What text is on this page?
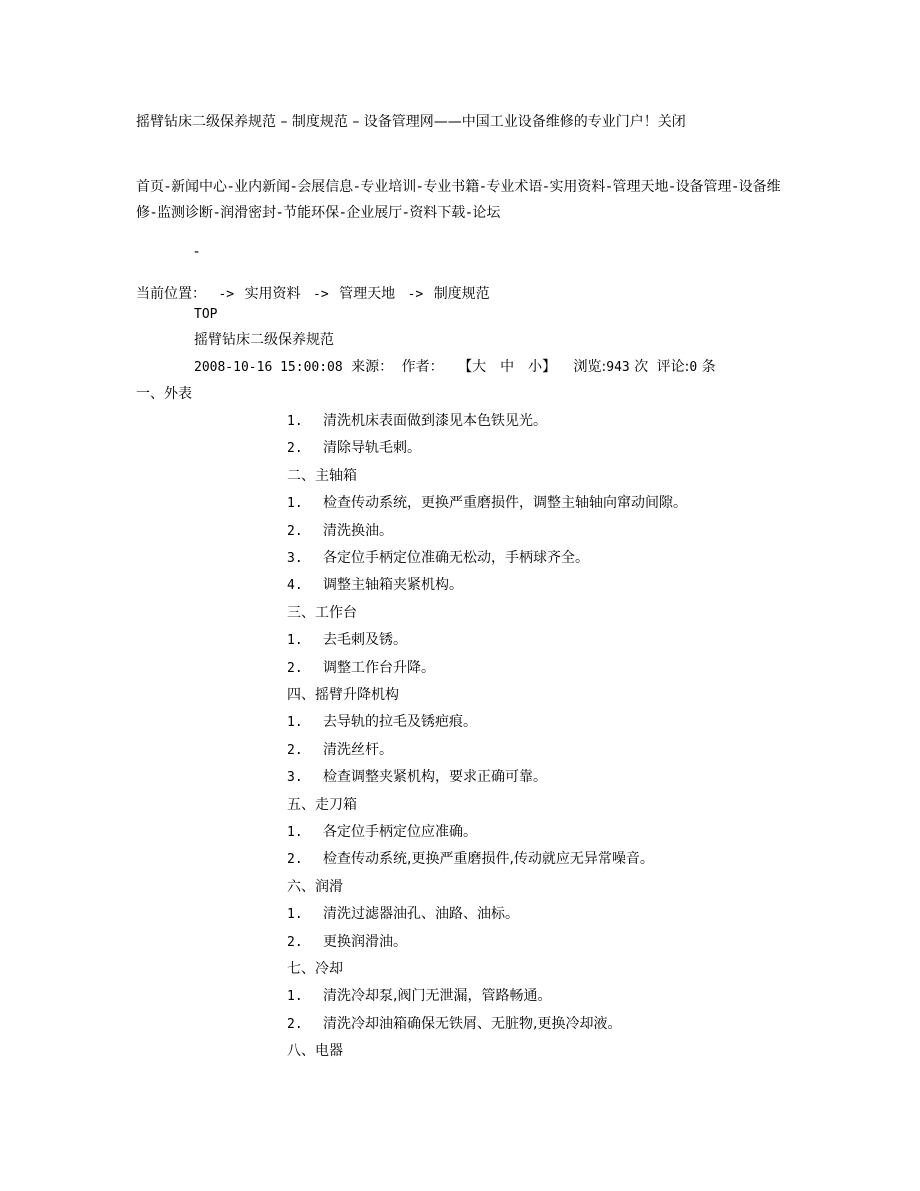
摇臂钻床二级保养规范 – 制度规范 – 设备管理网——中国工业设备维修的专业门户！关闭
首页-新闻中心-业内新闻-会展信息-专业培训-专业书籍-专业术语-实用资料-管理天地-设备管理-设备维修-监测诊断-润滑密封-节能环保-企业展厅-资料下载-论坛
-
当前位置： -> 实用资料 -> 管理天地 -> 制度规范
TOP
摇臂钻床二级保养规范
2008-10-16 15:00:08 来源： 作者： 【大 中 小】 浏览:943 次 评论:0 条
一、外表
1. 清洗机床表面做到漆见本色铁见光。
2. 清除导轨毛刺。
二、主轴箱
1. 检查传动系统，更换严重磨损件，调整主轴轴向窜动间隙。
2. 清洗换油。
3. 各定位手柄定位准确无松动，手柄球齐全。
4. 调整主轴箱夹紧机构。
三、工作台
1. 去毛刺及锈。
2. 调整工作台升降。
四、摇臂升降机构
1. 去导轨的拉毛及锈疤痕。
2. 清洗丝杆。
3. 检查调整夹紧机构，要求正确可靠。
五、走刀箱
1. 各定位手柄定位应准确。
2. 检查传动系统,更换严重磨损件,传动就应无异常噪音。
六、润滑
1. 清洗过滤器油孔、油路、油标。
2. 更换润滑油。
七、冷却
1. 清洗冷却泵,阀门无泄漏，管路畅通。
2. 清洗冷却油箱确保无铁屑、无脏物,更换冷却液。
八、电器
